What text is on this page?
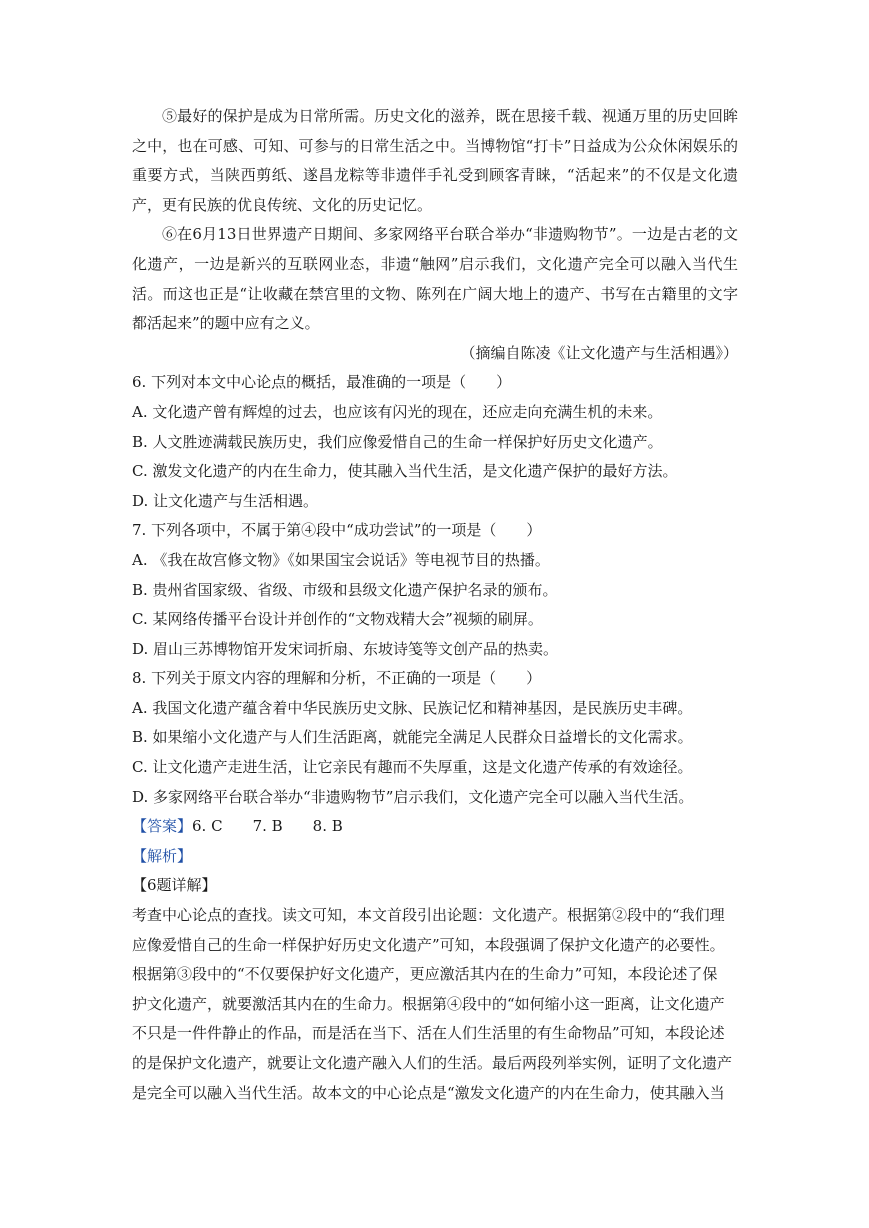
⑤最好的保护是成为日常所需。历史文化的滋养，既在思接千载、视通万里的历史回眸之中，也在可感、可知、可参与的日常生活之中。当博物馆“打卡”日益成为公众休闲娱乐的重要方式，当陕西剪纸、遂昌龙粽等非遗伴手礼受到顾客青睐，“活起来”的不仅是文化遗产，更有民族的优良传统、文化的历史记忆。

⑥在6月13日世界遗产日期间、多家网络平台联合举办“非遗购物节”。一边是古老的文化遗产，一边是新兴的互联网业态，非遗“触网”启示我们，文化遗产完全可以融入当代生活。而这也正是“让收藏在禁宫里的文物、陈列在广阔大地上的遗产、书写在古籍里的文字都活起来”的题中应有之义。

（摘编自陈凌《让文化遗产与生活相遇》）

6. 下列对本文中心论点的概括，最准确的一项是（　　）

A. 文化遗产曾有辉煌的过去，也应该有闪光的现在，还应走向充满生机的未来。

B. 人文胜迹满载民族历史，我们应像爱惜自己的生命一样保护好历史文化遗产。

C. 激发文化遗产的内在生命力，使其融入当代生活，是文化遗产保护的最好方法。

D. 让文化遗产与生活相遇。

7. 下列各项中，不属于第④段中“成功尝试”的一项是（　　）

A. 《我在故宫修文物》《如果国宝会说话》等电视节目的热播。

B. 贵州省国家级、省级、市级和县级文化遗产保护名录的颁布。

C. 某网络传播平台设计并创作的“文物戏精大会”视频的刷屏。

D. 眉山三苏博物馆开发宋词折扇、东坡诗笺等文创产品的热卖。

8. 下列关于原文内容的理解和分析，不正确的一项是（　　）

A. 我国文化遗产蕴含着中华民族历史文脉、民族记忆和精神基因，是民族历史丰碑。

B. 如果缩小文化遗产与人们生活距离，就能完全满足人民群众日益增长的文化需求。

C. 让文化遗产走进生活，让它亲民有趣而不失厚重，这是文化遗产传承的有效途径。

D. 多家网络平台联合举办“非遗购物节”启示我们，文化遗产完全可以融入当代生活。

【答案】6. C　　7. B　　8. B

【解析】

【6题详解】

考查中心论点的查找。读文可知，本文首段引出论题：文化遗产。根据第②段中的“我们理

应像爱惜自己的生命一样保护好历史文化遗产”可知，本段强调了保护文化遗产的必要性。

根据第③段中的“不仅要保护好文化遗产，更应激活其内在的生命力”可知，本段论述了保

护文化遗产，就要激活其内在的生命力。根据第④段中的“如何缩小这一距离，让文化遗产

不只是一件件静止的作品，而是活在当下、活在人们生活里的有生命物品”可知，本段论述

的是保护文化遗产，就要让文化遗产融入人们的生活。最后两段列举实例，证明了文化遗产

是完全可以融入当代生活。故本文的中心论点是“激发文化遗产的内在生命力，使其融入当
